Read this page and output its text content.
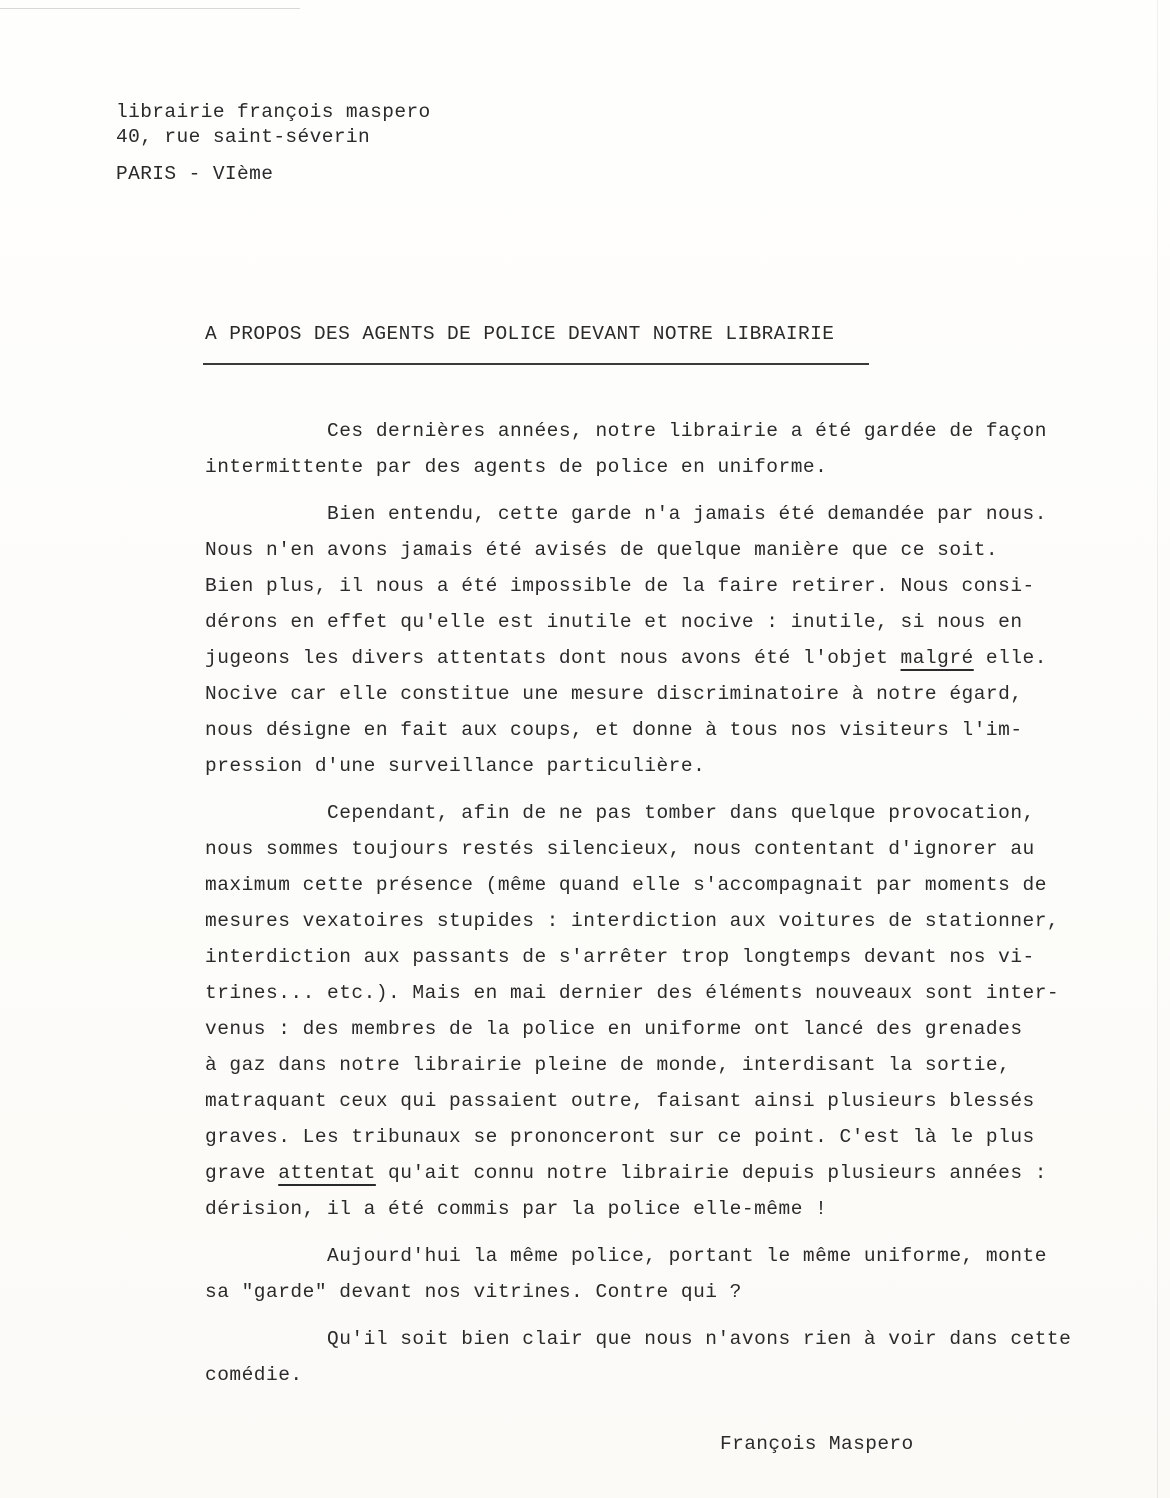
librairie françois maspero
40, rue saint-séverin
PARIS - VIème
A PROPOS DES AGENTS DE POLICE DEVANT NOTRE LIBRAIRIE
Ces dernières années, notre librairie a été gardée de façon
intermittente par des agents de police en uniforme.
Bien entendu, cette garde n'a jamais été demandée par nous.
Nous n'en avons jamais été avisés de quelque manière que ce soit.
Bien plus, il nous a été impossible de la faire retirer. Nous consi-
dérons en effet qu'elle est inutile et nocive : inutile, si nous en
jugeons les divers attentats dont nous avons été l'objet malgré elle.
Nocive car elle constitue une mesure discriminatoire à notre égard,
nous désigne en fait aux coups, et donne à tous nos visiteurs l'im-
pression d'une surveillance particulière.
Cependant, afin de ne pas tomber dans quelque provocation,
nous sommes toujours restés silencieux, nous contentant d'ignorer au
maximum cette présence (même quand elle s'accompagnait par moments de
mesures vexatoires stupides : interdiction aux voitures de stationner,
interdiction aux passants de s'arrêter trop longtemps devant nos vi-
trines... etc.). Mais en mai dernier des éléments nouveaux sont inter-
venus : des membres de la police en uniforme ont lancé des grenades
à gaz dans notre librairie pleine de monde, interdisant la sortie,
matraquant ceux qui passaient outre, faisant ainsi plusieurs blessés
graves. Les tribunaux se prononceront sur ce point. C'est là le plus
grave attentat qu'ait connu notre librairie depuis plusieurs années :
dérision, il a été commis par la police elle-même !
Aujourd'hui la même police, portant le même uniforme, monte
sa "garde" devant nos vitrines. Contre qui ?
Qu'il soit bien clair que nous n'avons rien à voir dans cette
comédie.
François Maspero
